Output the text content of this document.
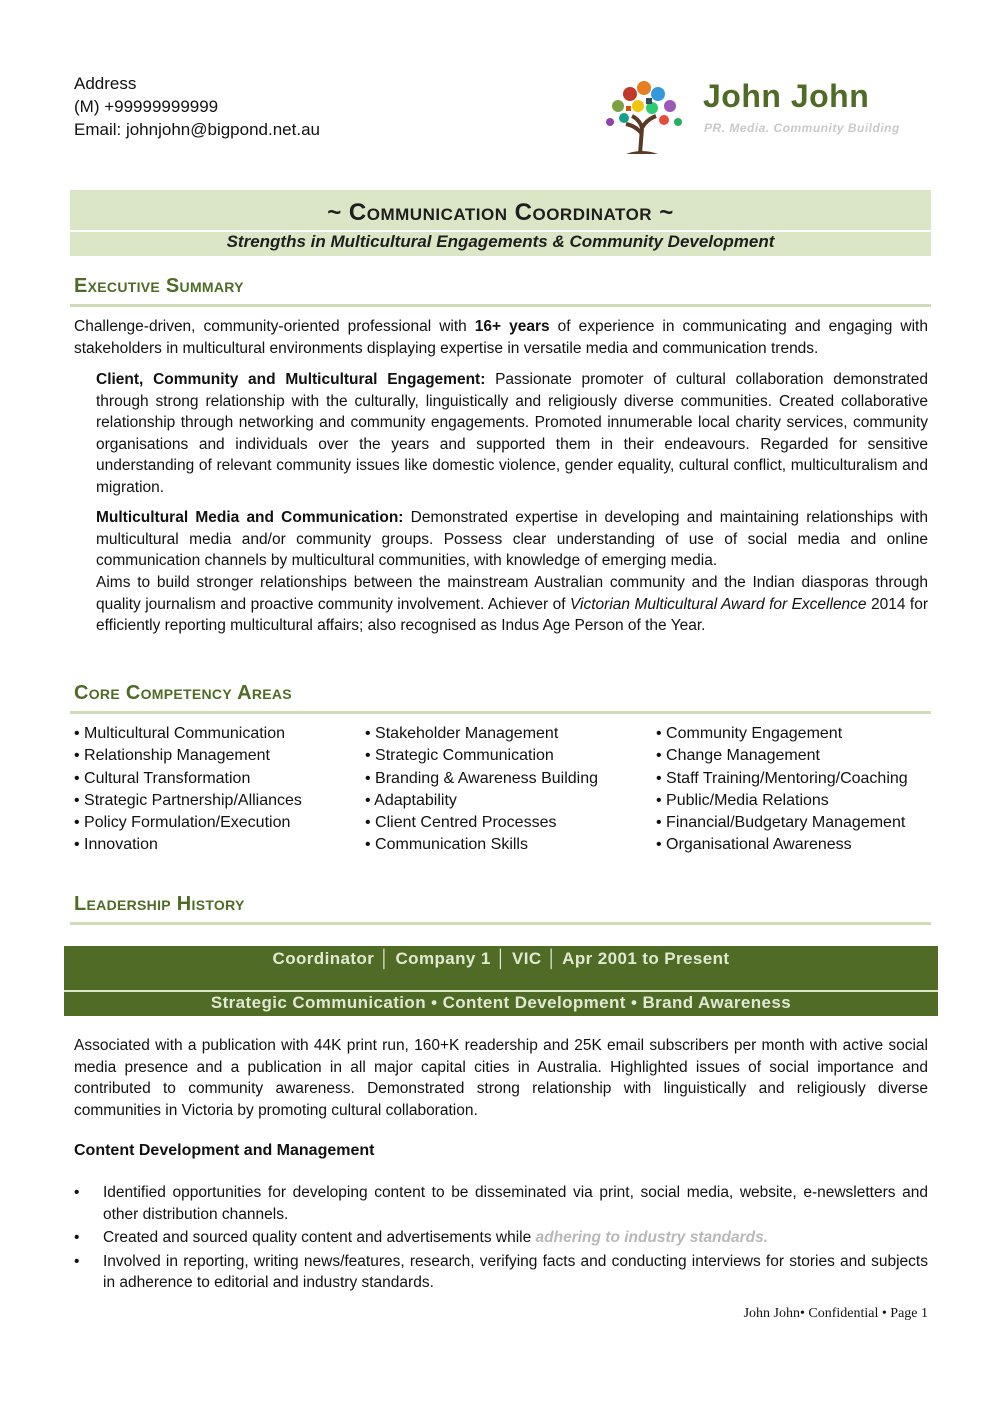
Address
(M) +99999999999
Email: johnjohn@bigpond.net.au
John John
PR. Media. Community Building
~ Communication Coordinator ~
Strengths in Multicultural Engagements & Community Development
Executive Summary
Challenge-driven, community-oriented professional with 16+ years of experience in communicating and engaging with stakeholders in multicultural environments displaying expertise in versatile media and communication trends.
Client, Community and Multicultural Engagement: Passionate promoter of cultural collaboration demonstrated through strong relationship with the culturally, linguistically and religiously diverse communities. Created collaborative relationship through networking and community engagements. Promoted innumerable local charity services, community organisations and individuals over the years and supported them in their endeavours. Regarded for sensitive understanding of relevant community issues like domestic violence, gender equality, cultural conflict, multiculturalism and migration.
Multicultural Media and Communication: Demonstrated expertise in developing and maintaining relationships with multicultural media and/or community groups. Possess clear understanding of use of social media and online communication channels by multicultural communities, with knowledge of emerging media.
Aims to build stronger relationships between the mainstream Australian community and the Indian diasporas through quality journalism and proactive community involvement. Achiever of Victorian Multicultural Award for Excellence 2014 for efficiently reporting multicultural affairs; also recognised as Indus Age Person of the Year.
Core Competency Areas
• Multicultural Communication
• Relationship Management
• Cultural Transformation
• Strategic Partnership/Alliances
• Policy Formulation/Execution
• Innovation
• Stakeholder Management
• Strategic Communication
• Branding & Awareness Building
• Adaptability
• Client Centred Processes
• Communication Skills
• Community Engagement
• Change Management
• Staff Training/Mentoring/Coaching
• Public/Media Relations
• Financial/Budgetary Management
• Organisational Awareness
Leadership History
Coordinator │ Company 1 │ VIC │ Apr 2001 to Present
Strategic Communication • Content Development • Brand Awareness
Associated with a publication with 44K print run, 160+K readership and 25K email subscribers per month with active social media presence and a publication in all major capital cities in Australia. Highlighted issues of social importance and contributed to community awareness. Demonstrated strong relationship with linguistically and religiously diverse communities in Victoria by promoting cultural collaboration.
Content Development and Management
• Identified opportunities for developing content to be disseminated via print, social media, website, e-newsletters and other distribution channels.
• Created and sourced quality content and advertisements while adhering to industry standards.
• Involved in reporting, writing news/features, research, verifying facts and conducting interviews for stories and subjects in adherence to editorial and industry standards.
John John• Confidential • Page 1
